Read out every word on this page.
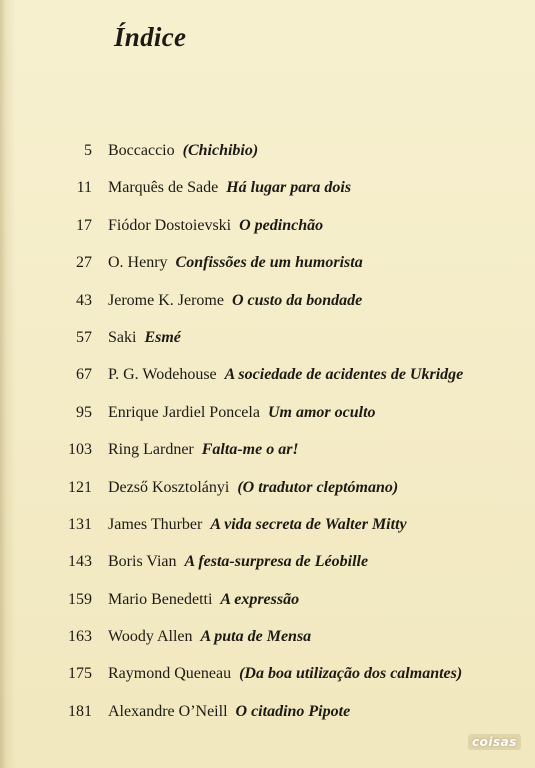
Índice
5 Boccaccio (Chichibio)
11 Marquês de Sade Há lugar para dois
17 Fiódor Dostoievski O pedinchão
27 O. Henry Confissões de um humorista
43 Jerome K. Jerome O custo da bondade
57 Saki Esmé
67 P. G. Wodehouse A sociedade de acidentes de Ukridge
95 Enrique Jardiel Poncela Um amor oculto
103 Ring Lardner Falta-me o ar!
121 Dezső Kosztolányi (O tradutor cleptómano)
131 James Thurber A vida secreta de Walter Mitty
143 Boris Vian A festa-surpresa de Léobille
159 Mario Benedetti A expressão
163 Woody Allen A puta de Mensa
175 Raymond Queneau (Da boa utilização dos calmantes)
181 Alexandre O’Neill O citadino Pipote
coisas
